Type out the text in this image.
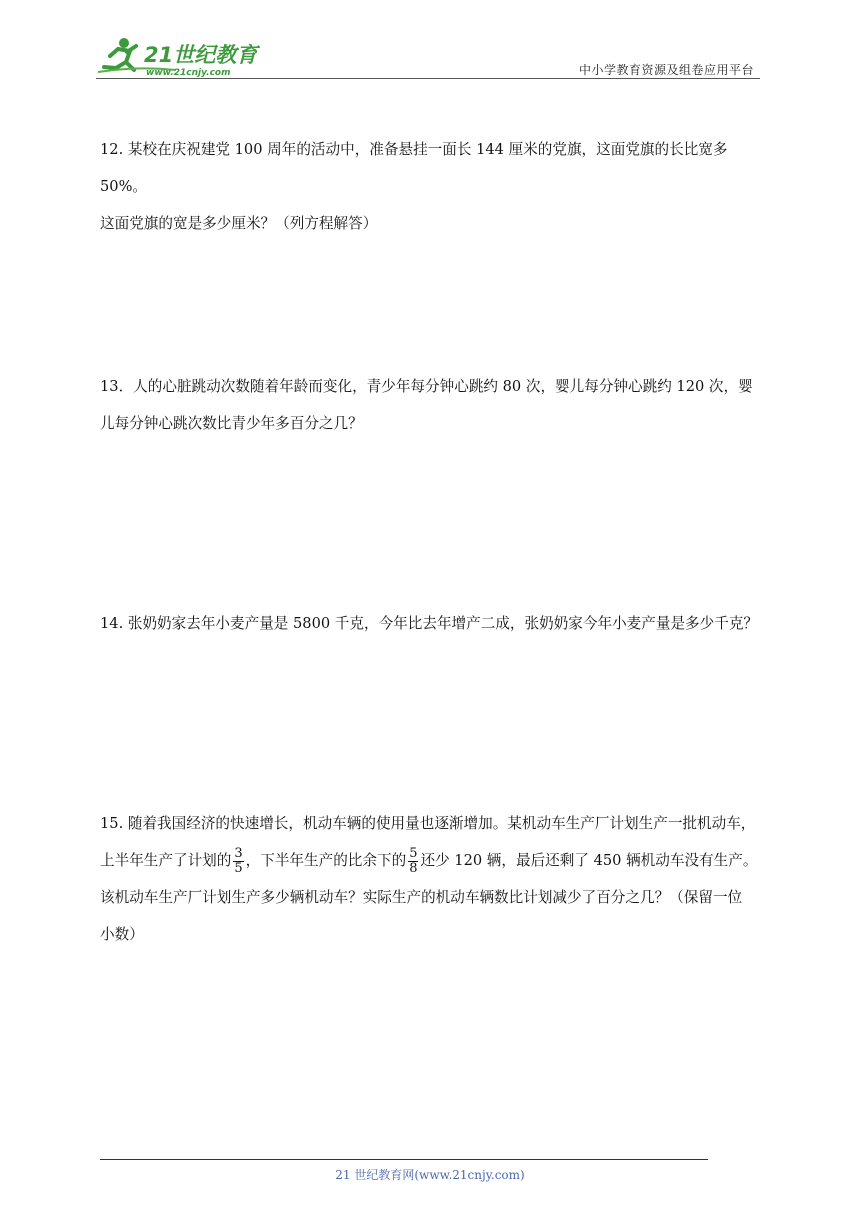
21世纪教育
www.21cnjy.com	中小学教育资源及组卷应用平台

12. 某校在庆祝建党 100 周年的活动中，准备悬挂一面长 144 厘米的党旗，这面党旗的长比宽多 50%。

这面党旗的宽是多少厘米？（列方程解答）

13．人的心脏跳动次数随着年龄而变化，青少年每分钟心跳约 80 次，婴儿每分钟心跳约 120 次，婴

儿每分钟心跳次数比青少年多百分之几？

14. 张奶奶家去年小麦产量是 5800 千克，今年比去年增产二成，张奶奶家今年小麦产量是多少千克？

15. 随着我国经济的快速增长，机动车辆的使用量也逐渐增加。某机动车生产厂计划生产一批机动车，

上半年生产了计划的 $\frac{3}{5}$ ，下半年生产的比余下的 $\frac{5}{8}$ 还少 120 辆，最后还剩了 450 辆机动车没有生产。

该机动车生产厂计划生产多少辆机动车？实际生产的机动车辆数比计划减少了百分之几？（保留一位

小数）

21 世纪教育网(www.21cnjy.com)
